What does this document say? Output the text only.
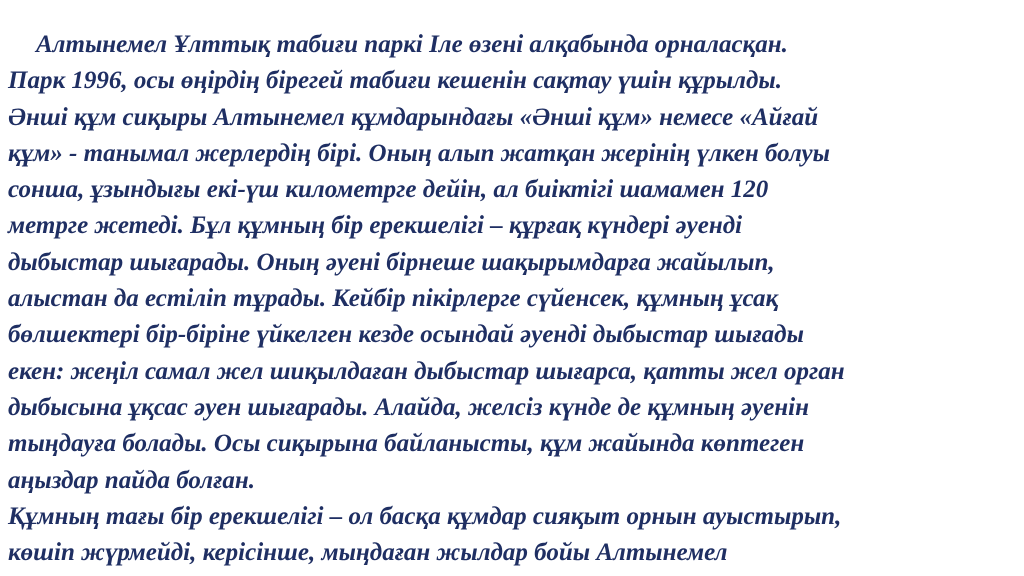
Алтынемел Ұлттық табиғи паркі Іле өзені алқабында орналасқан.
Парк 1996, осы өңірдің бірегей табиғи кешенін сақтау үшін құрылды.
Әнші құм сиқыры Алтынемел құмдарындағы «Әнші құм» немесе «Айғай
құм» - танымал жерлердің бірі. Оның алып жатқан жерінің үлкен болуы
сонша, ұзындығы екі-үш километрге дейін, ал биіктігі шамамен 120
метрге жетеді. Бұл құмның бір ерекшелігі – құрғақ күндері әуенді
дыбыстар шығарады. Оның әуені бірнеше шақырымдарға жайылып,
алыстан да естіліп тұрады. Кейбір пікірлерге сүйенсек, құмның ұсақ
бөлшектері бір-біріне үйкелген кезде осындай әуенді дыбыстар шығады
екен: жеңіл самал жел шиқылдаған дыбыстар шығарса, қатты жел орган
дыбысына ұқсас әуен шығарады. Алайда, желсіз күнде де құмның әуенін
тыңдауға болады. Осы сиқырына байланысты, құм жайында көптеген
аңыздар пайда болған.
Құмның тағы бір ерекшелігі – ол басқа құмдар сияқыт орнын ауыстырып,
көшіп жүрмейді, керісінше, мыңдаған жылдар бойы Алтынемел
